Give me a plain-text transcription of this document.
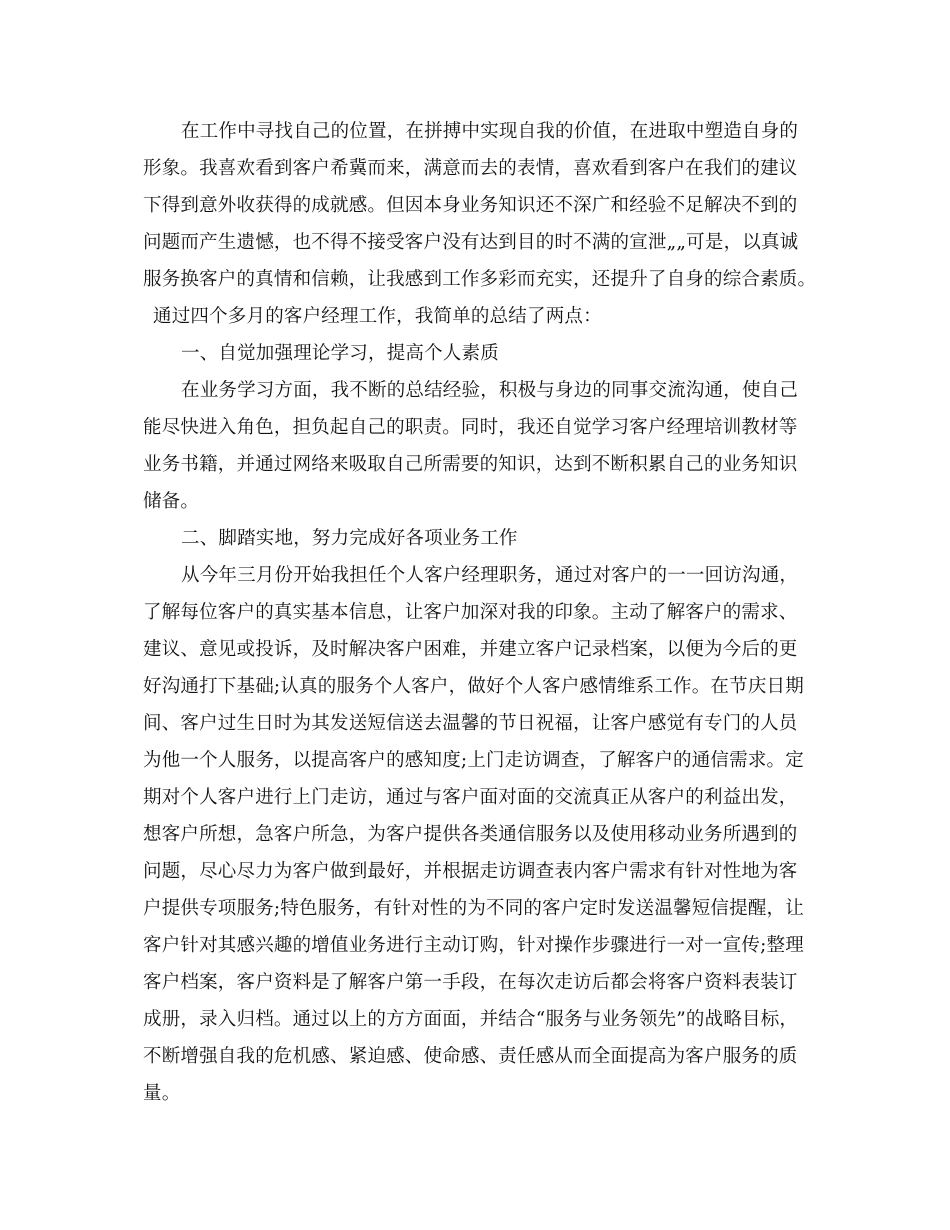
在工作中寻找自己的位置，在拼搏中实现自我的价值，在进取中塑造自身的
形象。我喜欢看到客户希冀而来，满意而去的表情，喜欢看到客户在我们的建议
下得到意外收获得的成就感。但因本身业务知识还不深广和经验不足解决不到的
问题而产生遗憾，也不得不接受客户没有达到目的时不满的宣泄„„可是，以真诚
服务换客户的真情和信赖，让我感到工作多彩而充实，还提升了自身的综合素质。
通过四个多月的客户经理工作，我简单的总结了两点：
一、自觉加强理论学习，提高个人素质
在业务学习方面，我不断的总结经验，积极与身边的同事交流沟通，使自己
能尽快进入角色，担负起自己的职责。同时，我还自觉学习客户经理培训教材等
业务书籍，并通过网络来吸取自己所需要的知识，达到不断积累自己的业务知识
储备。
二、脚踏实地，努力完成好各项业务工作
从今年三月份开始我担任个人客户经理职务，通过对客户的一一回访沟通，
了解每位客户的真实基本信息，让客户加深对我的印象。主动了解客户的需求、
建议、意见或投诉，及时解决客户困难，并建立客户记录档案，以便为今后的更
好沟通打下基础;认真的服务个人客户，做好个人客户感情维系工作。在节庆日期
间、客户过生日时为其发送短信送去温馨的节日祝福，让客户感觉有专门的人员
为他一个人服务，以提高客户的感知度;上门走访调查，了解客户的通信需求。定
期对个人客户进行上门走访，通过与客户面对面的交流真正从客户的利益出发，
想客户所想，急客户所急，为客户提供各类通信服务以及使用移动业务所遇到的
问题，尽心尽力为客户做到最好，并根据走访调查表内客户需求有针对性地为客
户提供专项服务;特色服务，有针对性的为不同的客户定时发送温馨短信提醒，让
客户针对其感兴趣的增值业务进行主动订购，针对操作步骤进行一对一宣传;整理
客户档案，客户资料是了解客户第一手段，在每次走访后都会将客户资料表装订
成册，录入归档。通过以上的方方面面，并结合“服务与业务领先”的战略目标，
不断增强自我的危机感、紧迫感、使命感、责任感从而全面提高为客户服务的质
量。
